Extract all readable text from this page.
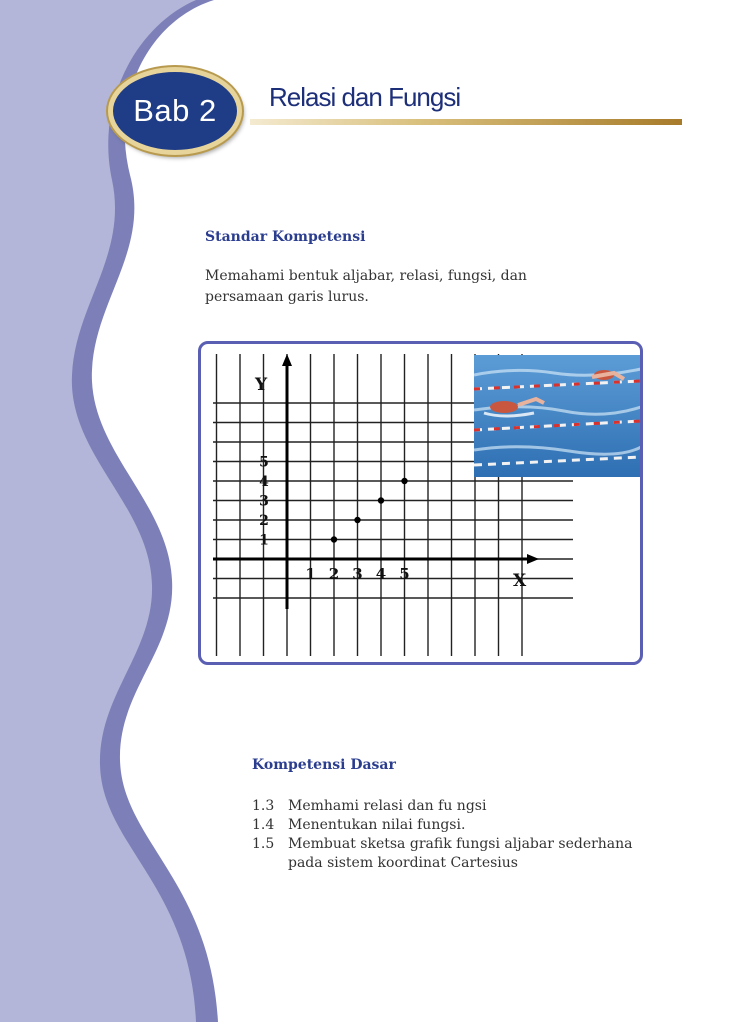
Bab 2 Relasi dan Fungsi
Standar Kompetensi
Memahami bentuk aljabar, relasi, fungsi, dan
persamaan garis lurus.
1 2 3 4 5
1
2
3
4
5
X
Y
Kompetensi Dasar
1.3 Memhami relasi dan fu ngsi
1.4 Menentukan nilai fungsi.
1.5 Membuat sketsa grafik fungsi aljabar sederhana pada sistem koordinat Cartesius
